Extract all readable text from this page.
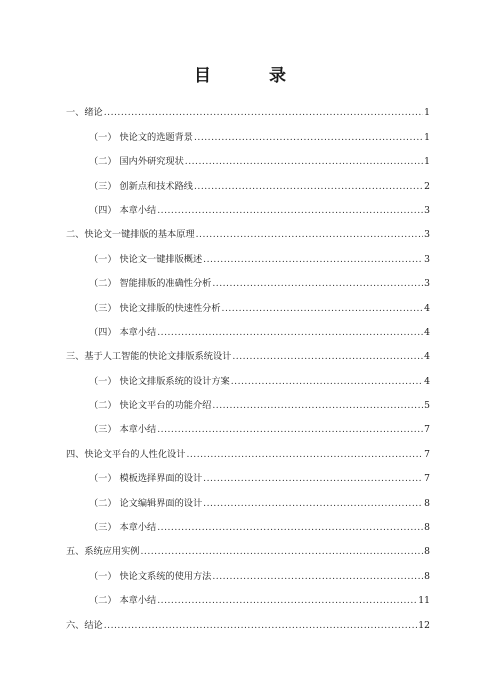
目 录
一、绪论 .....	1
（一） 快论文的选题背景 .....	1
（二） 国内外研究现状 .....	1
（三） 创新点和技术路线 .....	2
（四） 本章小结 .....	3
二、快论文一键排版的基本原理 .....	3
（一） 快论文一键排版概述 .....	3
（二） 智能排版的准确性分析 .....	3
（三） 快论文排版的快速性分析 .....	4
（四） 本章小结 .....	4
三、基于人工智能的快论文排版系统设计 .....	4
（一） 快论文排版系统的设计方案 .....	4
（二） 快论文平台的功能介绍 .....	5
（三） 本章小结 .....	7
四、快论文平台的人性化设计 .....	7
（一） 模板选择界面的设计 .....	7
（二） 论文编辑界面的设计 .....	8
（三） 本章小结 .....	8
五、系统应用实例 .....	8
（一） 快论文系统的使用方法 .....	8
（二） 本章小结 .....	11
六、结论 .....	12
